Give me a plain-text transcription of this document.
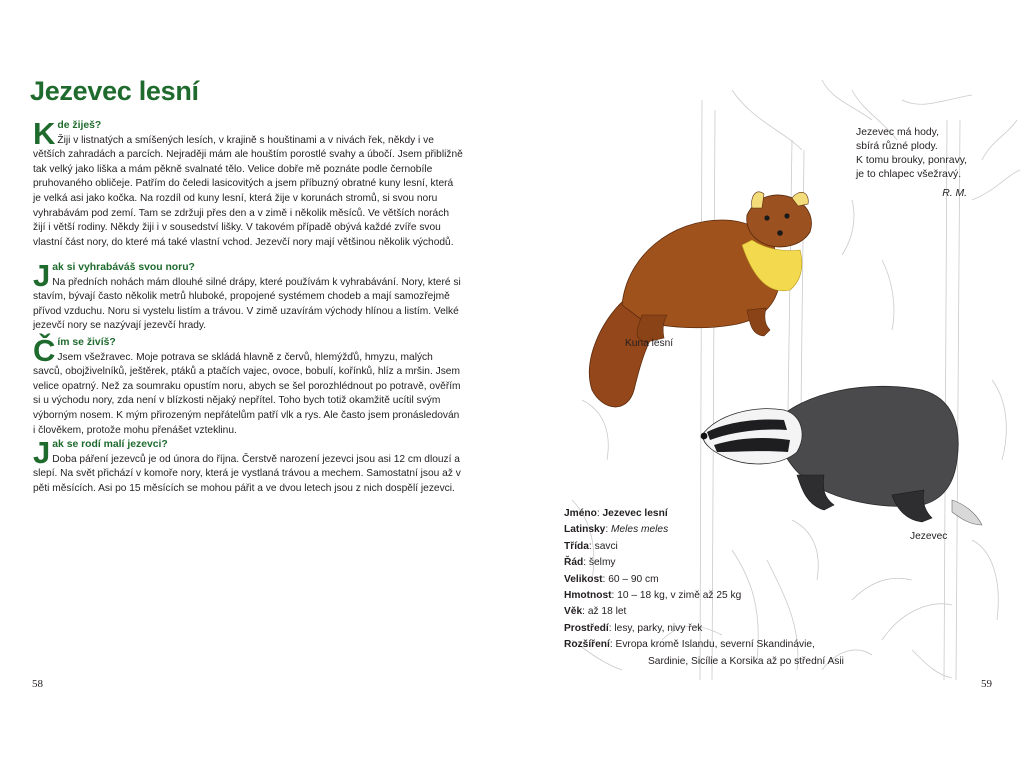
Jezevec lesní
K de žiješ?
Žiji v listnatých a smíšených lesích, v krajině s houštinami a v nivách řek, někdy i ve větších zahradách a parcích. Nejraději mám ale houštím porostlé svahy a úbočí. Jsem přibližně tak velký jako liška a mám pěkně svalnaté tělo. Velice dobře mě poznáte podle černobíle pruhovaného obličeje. Patřím do čeledi lasicovitých a jsem příbuzný obratné kuny lesní, která je velká asi jako kočka. Na rozdíl od kuny lesní, která žije v korunách stromů, si svou noru vyhrabávám pod zemí. Tam se zdržuji přes den a v zimě i několik měsíců. Ve větších norách žijí i větší rodiny. Někdy žiji i v sousedství lišky. V takovém případě obývá každé zvíře svou vlastní část nory, do které má také vlastní vchod. Jezevčí nory mají většinou několik východů.
J ak si vyhrabáváš svou noru?
Na předních nohách mám dlouhé silné drápy, které používám k vyhrabávání. Nory, které si stavím, bývají často několik metrů hluboké, propojené systémem chodeb a mají samozřejmě přívod vzduchu. Noru si vystelu listím a trávou. V zimě uzavírám východy hlínou a listím. Velké jezevčí nory se nazývají jezevčí hrady.
Č ím se živíš?
Jsem všežravec. Moje potrava se skládá hlavně z červů, hlemýžďů, hmyzu, malých savců, obojživelníků, ještěrek, ptáků a ptačích vajec, ovoce, bobulí, kořínků, hlíz a mršin. Jsem velice opatrný. Než za soumraku opustím noru, abych se šel porozhlédnout po potravě, ověřím si u východu nory, zda není v blízkosti nějaký nepřítel. Toho bych totiž okamžitě ucítil svým výborným nosem. K mým přirozeným nepřátelům patří vlk a rys. Ale často jsem pronásledován i člověkem, protože mohu přenášet vzteklinu.
J ak se rodí malí jezevci?
Doba páření jezevců je od února do října. Čerstvě narození jezevci jsou asi 12 cm dlouzí a slepí. Na svět přichází v komoře nory, která je vystlaná trávou a mechem. Samostatní jsou až v pěti měsících. Asi po 15 měsících se mohou pářit a ve dvou letech jsou z nich dospělí jezevci.
58
Jezevec má hody,
sbírá různé plody.
K tomu brouky, ponravy,
je to chlapec všežravý.
R. M.
Kuna lesní
Jezevec
Jméno: Jezevec lesní
Latinsky: Meles meles
Třída: savci
Řád: šelmy
Velikost: 60 – 90 cm
Hmotnost: 10 – 18 kg, v zimě až 25 kg
Věk: až 18 let
Prostředí: lesy, parky, nivy řek
Rozšíření: Evropa kromě Islandu, severní Skandinávie,
Sardinie, Sicílie a Korsika až po střední Asii
59
